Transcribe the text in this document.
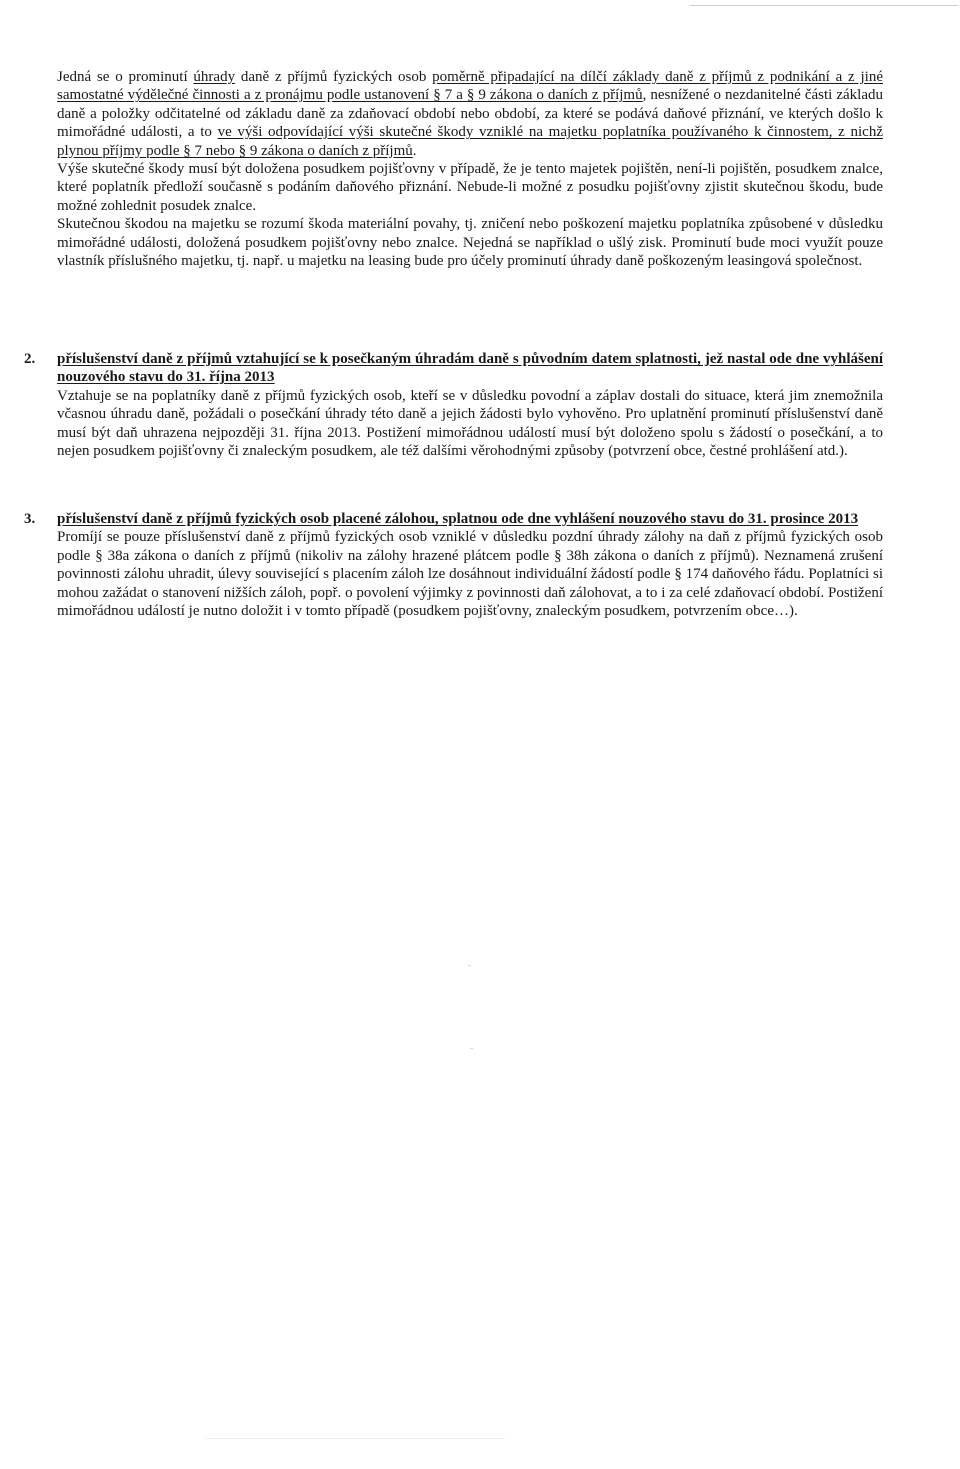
Jedná se o prominutí úhrady daně z příjmů fyzických osob poměrně připadající na dílčí základy daně z příjmů z podnikání a z jiné samostatné výdělečné činnosti a z pronájmu podle ustanovení § 7 a § 9 zákona o daních z příjmů, nesnížené o nezdanitelné části základu daně a položky odčitatelné od základu daně za zdaňovací období nebo období, za které se podává daňové přiznání, ve kterých došlo k mimořádné události, a to ve výši odpovídající výši skutečné škody vzniklé na majetku poplatníka používaného k činnostem, z nichž plynou příjmy podle § 7 nebo § 9 zákona o daních z příjmů.

Výše skutečné škody musí být doložena posudkem pojišťovny v případě, že je tento majetek pojištěn, není-li pojištěn, posudkem znalce, které poplatník předloží současně s podáním daňového přiznání. Nebude-li možné z posudku pojišťovny zjistit skutečnou škodu, bude možné zohlednit posudek znalce.

Skutečnou škodou na majetku se rozumí škoda materiální povahy, tj. zničení nebo poškození majetku poplatníka způsobené v důsledku mimořádné události, doložená posudkem pojišťovny nebo znalce. Nejedná se například o ušlý zisk. Prominutí bude moci využít pouze vlastník příslušného majetku, tj. např. u majetku na leasing bude pro účely prominutí úhrady daně poškozeným leasingová společnost.

2.	příslušenství daně z příjmů vztahující se k posečkaným úhradám daně s původním datem splatnosti, jež nastal ode dne vyhlášení nouzového stavu do 31. října 2013

Vztahuje se na poplatníky daně z příjmů fyzických osob, kteří se v důsledku povodní a záplav dostali do situace, která jim znemožnila včasnou úhradu daně, požádali o posečkání úhrady této daně a jejich žádosti bylo vyhověno. Pro uplatnění prominutí příslušenství daně musí být daň uhrazena nejpozději 31. října 2013. Postižení mimořádnou událostí musí být doloženo spolu s žádostí o posečkání, a to nejen posudkem pojišťovny či znaleckým posudkem, ale též dalšími věrohodnými způsoby (potvrzení obce, čestné prohlášení atd.).

3.	příslušenství daně z příjmů fyzických osob placené zálohou, splatnou ode dne vyhlášení nouzového stavu do 31. prosince 2013

Promíjí se pouze příslušenství daně z příjmů fyzických osob vzniklé v důsledku pozdní úhrady zálohy na daň z příjmů fyzických osob podle § 38a zákona o daních z příjmů (nikoliv na zálohy hrazené plátcem podle § 38h zákona o daních z příjmů). Neznamená zrušení povinnosti zálohu uhradit, úlevy související s placením záloh lze dosáhnout individuální žádostí podle § 174 daňového řádu. Poplatníci si mohou zažádat o stanovení nižších záloh, popř. o povolení výjimky z povinnosti daň zálohovat, a to i za celé zdaňovací období. Postižení mimořádnou událostí je nutno doložit i v tomto případě (posudkem pojišťovny, znaleckým posudkem, potvrzením obce…).
